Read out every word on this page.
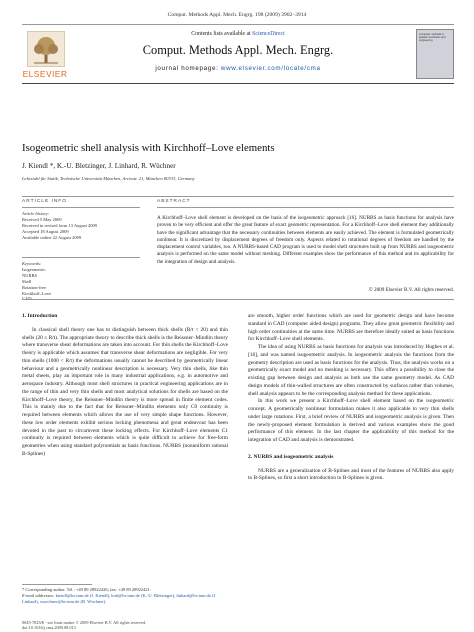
Comput. Methods Appl. Mech. Engrg. 198 (2009) 3902–3914
ELSEVIER
Contents lists available at ScienceDirect
Comput. Methods Appl. Mech. Engrg.
journal homepage: www.elsevier.com/locate/cma
Computer methods in applied mechanics and engineering
Isogeometric shell analysis with Kirchhoff–Love elements
J. Kiendl *, K.-U. Bletzinger, J. Linhard, R. Wüchner
Lehrstuhl für Statik, Technische Universität München, Arcisstr. 21, München 80333, Germany
ARTICLE INFO	ABSTRACT
Article history:
Received 5 May 2009
Received in revised form 13 August 2009
Accepted 18 August 2009
Available online 22 August 2009
Keywords:
Isogeometric
NURBS
Shell
Rotation-free
Kirchhoff–Love
CAD
A Kirchhoff–Love shell element is developed on the basis of the isogeometric approach [16]. NURBS as basis functions for analysis have proven to be very efficient and offer the great feature of exact geometric representation. For a Kirchhoff–Love shell element they additionally have the significant advantage that the necessary continuities between elements are easily achieved. The element is formulated geometrically nonlinear. It is discretized by displacement degrees of freedom only. Aspects related to rotational degrees of freedom are handled by the displacement control variables, too. A NURBS-based CAD program is used to model shell structures built up from NURBS and isogeometric analysis is performed on the same model without meshing. Different examples show the performance of this method and its applicability for the integration of design and analysis.
© 2009 Elsevier B.V. All rights reserved.
1. Introduction

In classical shell theory one has to distinguish between thick shells (R/t < 20) and thin shells (20 ≤ R/t). The appropriate theory to describe thick shells is the Reissner–Mindlin theory where transverse shear deformations are taken into account. For thin shells the Kirchhoff–Love theory is applicable which assumes that transverse shear deformations are negligible. For very thin shells (1000 < R/t) the deformations usually cannot be described by geometrically linear behaviour and a geometrically nonlinear description is necessary. Very thin shells, like thin metal sheets, play an important role in many industrial applications, e.g. in automotive and aerospace industry. Although most shell structures in practical engineering applications are in the range of thin and very thin shells and most analytical solutions for shells are based on the Kirchhoff–Love theory, the Reissner–Mindlin theory is more spread in finite element codes. This is mainly due to the fact that for Reissner–Mindlin elements only C0 continuity is required between elements which allows the use of very simple shape functions. However, these low order elements exhibit serious locking phenomena and great endeavour has been devoted in the past to circumvent these locking effects. For Kirchhoff–Love elements C1 continuity is required between elements which is quite difficult to achieve for free-form geometries when using standard polynomials as basis functions. NURBS (nonuniform rational B-Splines)

are smooth, higher order functions which are used for geometric design and have become standard in CAD (computer aided design) programs. They allow great geometric flexibility and high order continuities at the same time. NURBS are therefore ideally suited as basis functions for Kirchhoff–Love shell elements.

The idea of using NURBS as basis functions for analysis was introduced by Hughes et al. [16], and was named isogeometric analysis. In isogeometric analysis the functions from the geometry description are used as basis functions for the analysis. Thus, the analysis works on a geometrically exact model and no meshing is necessary. This offers a possibility to close the existing gap between design and analysis as both use the same geometry model. As CAD design models of thin-walled structures are often constructed by surfaces rather than volumes, shell analysis appears to be the corresponding analysis method for these applications.

In this work we present a Kirchhoff–Love shell element based on the isogeometric concept. A geometrically nonlinear formulation makes it also applicable to very thin shells under large rotations. First, a brief review of NURBS and isogeometric analysis is given. Then the newly-proposed element formulation is derived and various examples show the good performance of this element. In the last chapter the applicability of this method for the integration of CAD and analysis is demonstrated.

2. NURBS and isogeometric analysis

NURBS are a generalization of B-Splines and most of the features of NURBS also apply to B-Splines, so first a short introduction to B-Splines is given.

* Corresponding author. Tel.: +49 89 28922426; fax: +49 89 28922421.
E-mail addresses: kiendl@bv.tum.de (J. Kiendl), kub@bv.tum.de (K.-U. Bletzinger), linhard@bv.tum.de (J. Linhard), wuechner@bv.tum.de (R. Wüchner).
0045-7825/$ - see front matter © 2009 Elsevier B.V. All rights reserved.
doi:10.1016/j.cma.2009.08.013
